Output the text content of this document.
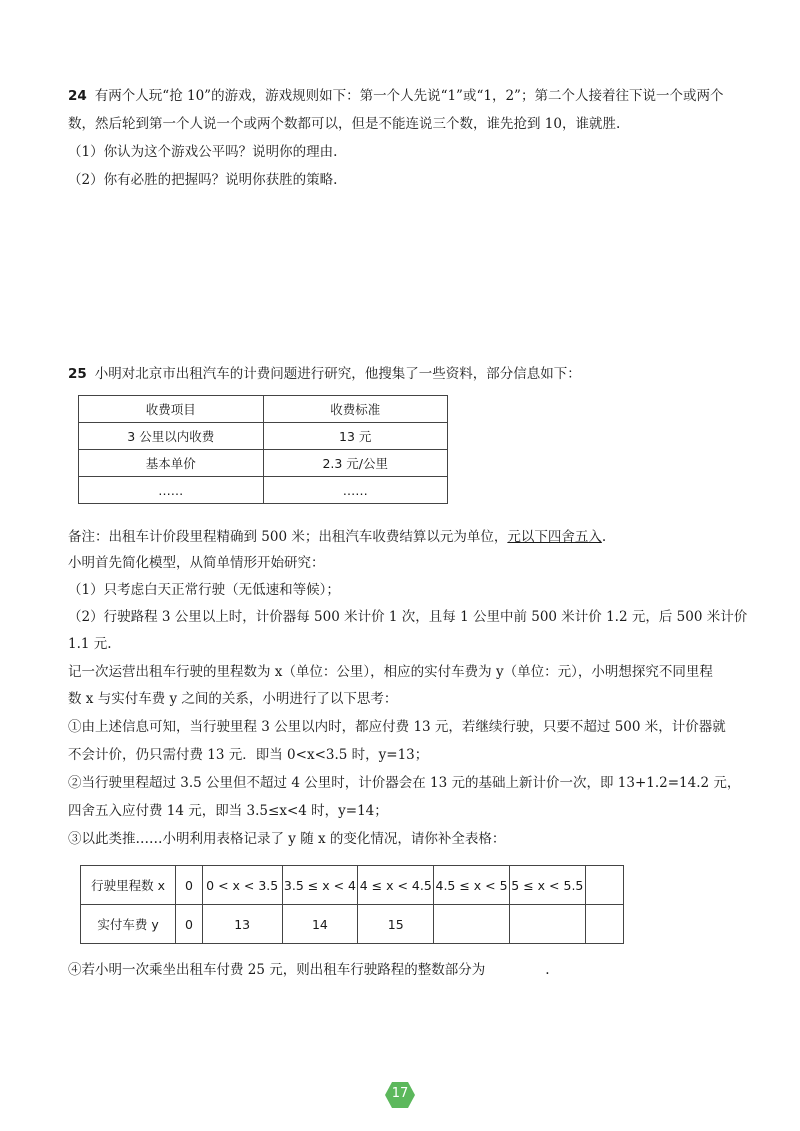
24 有两个人玩“抢 10”的游戏，游戏规则如下：第一个人先说“1”或“1，2”；第二个人接着往下说一个或两个
数，然后轮到第一个人说一个或两个数都可以，但是不能连说三个数，谁先抢到 10，谁就胜.
（1）你认为这个游戏公平吗？说明你的理由.
（2）你有必胜的把握吗？说明你获胜的策略.
25 小明对北京市出租汽车的计费问题进行研究，他搜集了一些资料，部分信息如下：
收费项目	收费标准
3 公里以内收费	13 元
基本单价	2.3 元/公里
……	……
备注：出租车计价段里程精确到 500 米；出租汽车收费结算以元为单位，元以下四舍五入.
小明首先简化模型，从简单情形开始研究：
（1）只考虑白天正常行驶（无低速和等候）；
（2）行驶路程 3 公里以上时，计价器每 500 米计价 1 次，且每 1 公里中前 500 米计价 1.2 元，后 500 米计价
1.1 元.
记一次运营出租车行驶的里程数为 x（单位：公里），相应的实付车费为 y（单位：元），小明想探究不同里程
数 x 与实付车费 y 之间的关系，小明进行了以下思考：
①由上述信息可知，当行驶里程 3 公里以内时，都应付费 13 元，若继续行驶，只要不超过 500 米，计价器就
不会计价，仍只需付费 13 元．即当 0<x<3.5 时，y=13；
②当行驶里程超过 3.5 公里但不超过 4 公里时，计价器会在 13 元的基础上新计价一次，即 13+1.2=14.2 元，
四舍五入应付费 14 元，即当 3.5≤x<4 时，y=14；
③以此类推……小明利用表格记录了 y 随 x 的变化情况，请你补全表格：
行驶里程数 x	0	0 < x < 3.5	3.5 ≤ x < 4	4 ≤ x < 4.5	4.5 ≤ x < 5	5 ≤ x < 5.5	
实付车费 y	0	13	14	15			
④若小明一次乘坐出租车付费 25 元，则出租车行驶路程的整数部分为	.
17
